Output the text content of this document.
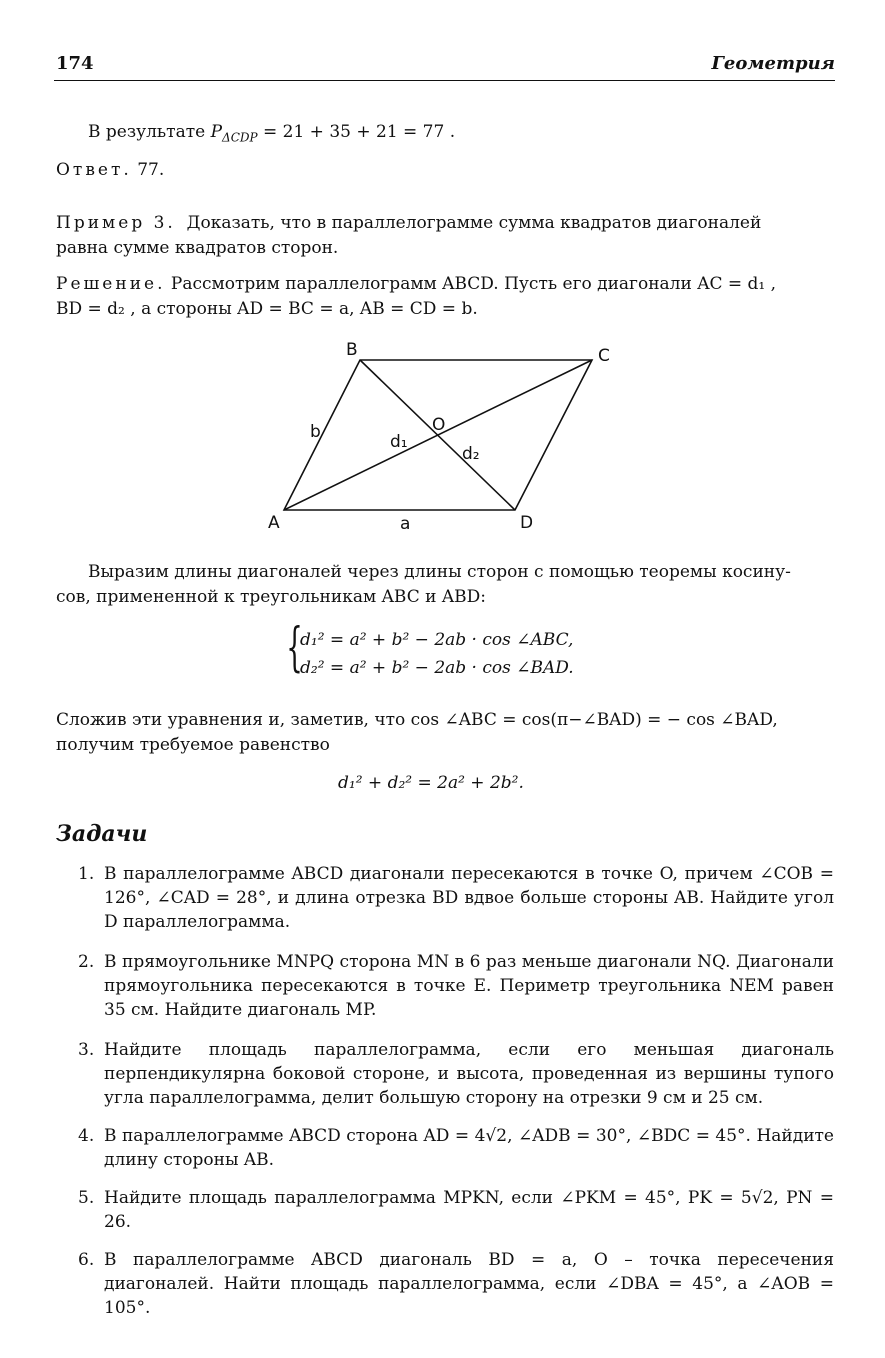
174	Геометрия
В результате $P_{\Delta CDP} = 21 + 35 + 21 = 77$ .
Ответ. 77.
Пример 3. Доказать, что в параллелограмме сумма квадратов диагоналей
равна сумме квадратов сторон.
Решение. Рассмотрим параллелограмм ABCD. Пусть его диагонали AC = d₁ ,
BD = d₂ , а стороны AD = BC = a, AB = CD = b.
B	C
A	D
O
a
b	d₁
d₂
Выразим длины диагоналей через длины сторон с помощью теоремы косину-
сов, примененной к треугольникам ABC и ABD:
{
d₁² = a² + b² − 2ab · cos ∠ABC,
d₂² = a² + b² − 2ab · cos ∠BAD.
Сложив эти уравнения и, заметив, что cos ∠ABC = cos(π−∠BAD) = − cos ∠BAD,
получим требуемое равенство
d₁² + d₂² = 2a² + 2b².
Задачи
1. В параллелограмме ABCD диагонали пересекаются в точке O, причем ∠COB = 126°, ∠CAD = 28°, и длина отрезка BD вдвое больше стороны AB. Найдите угол D параллелограмма.
2. В прямоугольнике MNPQ сторона MN в 6 раз меньше диагонали NQ. Диагонали прямоугольника пересекаются в точке E. Периметр треугольника NEM равен 35 см. Найдите диагональ MP.
3. Найдите площадь параллелограмма, если его меньшая диагональ перпендикулярна боковой стороне, и высота, проведенная из вершины тупого угла параллелограмма, делит большую сторону на отрезки 9 см и 25 см.
4. В параллелограмме ABCD сторона AD = 4√2, ∠ADB = 30°, ∠BDC = 45°. Найдите длину стороны AB.
5. Найдите площадь параллелограмма MPKN, если ∠PKM = 45°, PK = 5√2, PN = 26.
6. В параллелограмме ABCD диагональ BD = a, O – точка пересечения диагоналей. Найти площадь параллелограмма, если ∠DBA = 45°, а ∠AOB = 105°.
